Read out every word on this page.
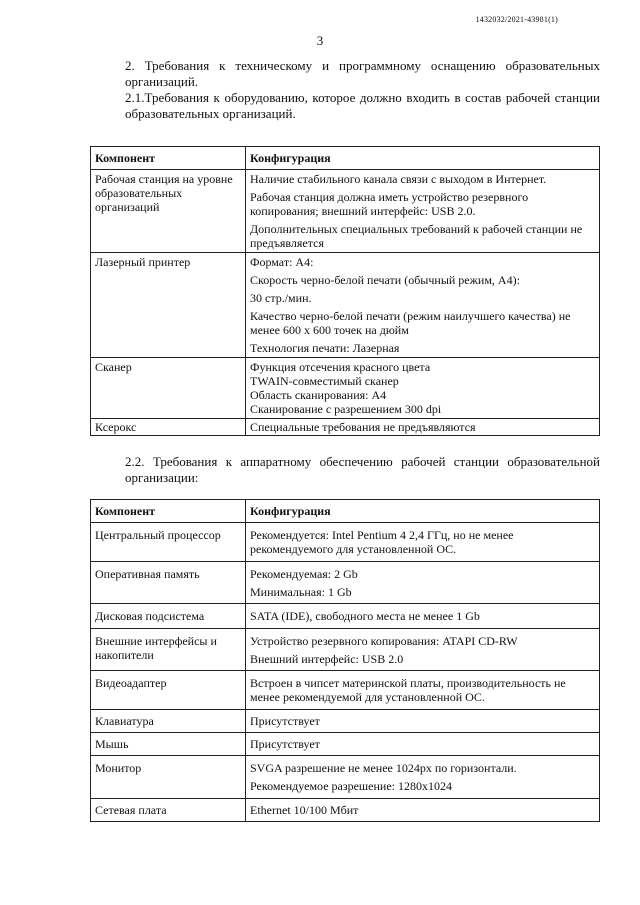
1432032/2021-43981(1)
3
2. Требования к техническому и программному оснащению образовательных организаций.
2.1.Требования к оборудованию, которое должно входить в состав рабочей станции образовательных организаций.
Компонент	Конфигурация
Рабочая станция на уровне образовательных организаций	Наличие стабильного канала связи с выходом в Интернет.
Рабочая станция должна иметь устройство резервного копирования; внешний интерфейс: USB 2.0.
Дополнительных специальных требований к рабочей станции не предъявляется

Лазерный принтер	Формат: А4:
Скорость черно-белой печати (обычный режим, А4):
30 стр./мин.
Качество черно-белой печати (режим наилучшего качества) не менее 600 х 600 точек на дюйм
Технология печати: Лазерная

Сканер	Функция отсечения красного цвета
TWAIN-совместимый сканер
Область сканирования: А4
Сканирование с разрешением 300 dpi

Ксерокс	Специальные требования не предъявляются
2.2. Требования к аппаратному обеспечению рабочей станции образовательной организации:
Компонент	Конфигурация
Центральный процессор	Рекомендуется: Intel Pentium 4 2,4 ГГц, но не менее рекомендуемого для установленной ОС.

Оперативная память	Рекомендуемая: 2 Gb
Минимальная: 1 Gb

Дисковая подсистема	SATA (IDE), свободного места не менее 1 Gb

Внешние интерфейсы и накопители	Устройство резервного копирования: ATAPI CD-RW
Внешний интерфейс: USB 2.0

Видеоадаптер	Встроен в чипсет материнской платы, производительность не менее рекомендуемой для установленной ОС.

Клавиатура	Присутствует

Мышь	Присутствует

Монитор	SVGA разрешение не менее 1024px по горизонтали.
Рекомендуемое разрешение: 1280x1024

Сетевая плата	Ethernet 10/100 Мбит
